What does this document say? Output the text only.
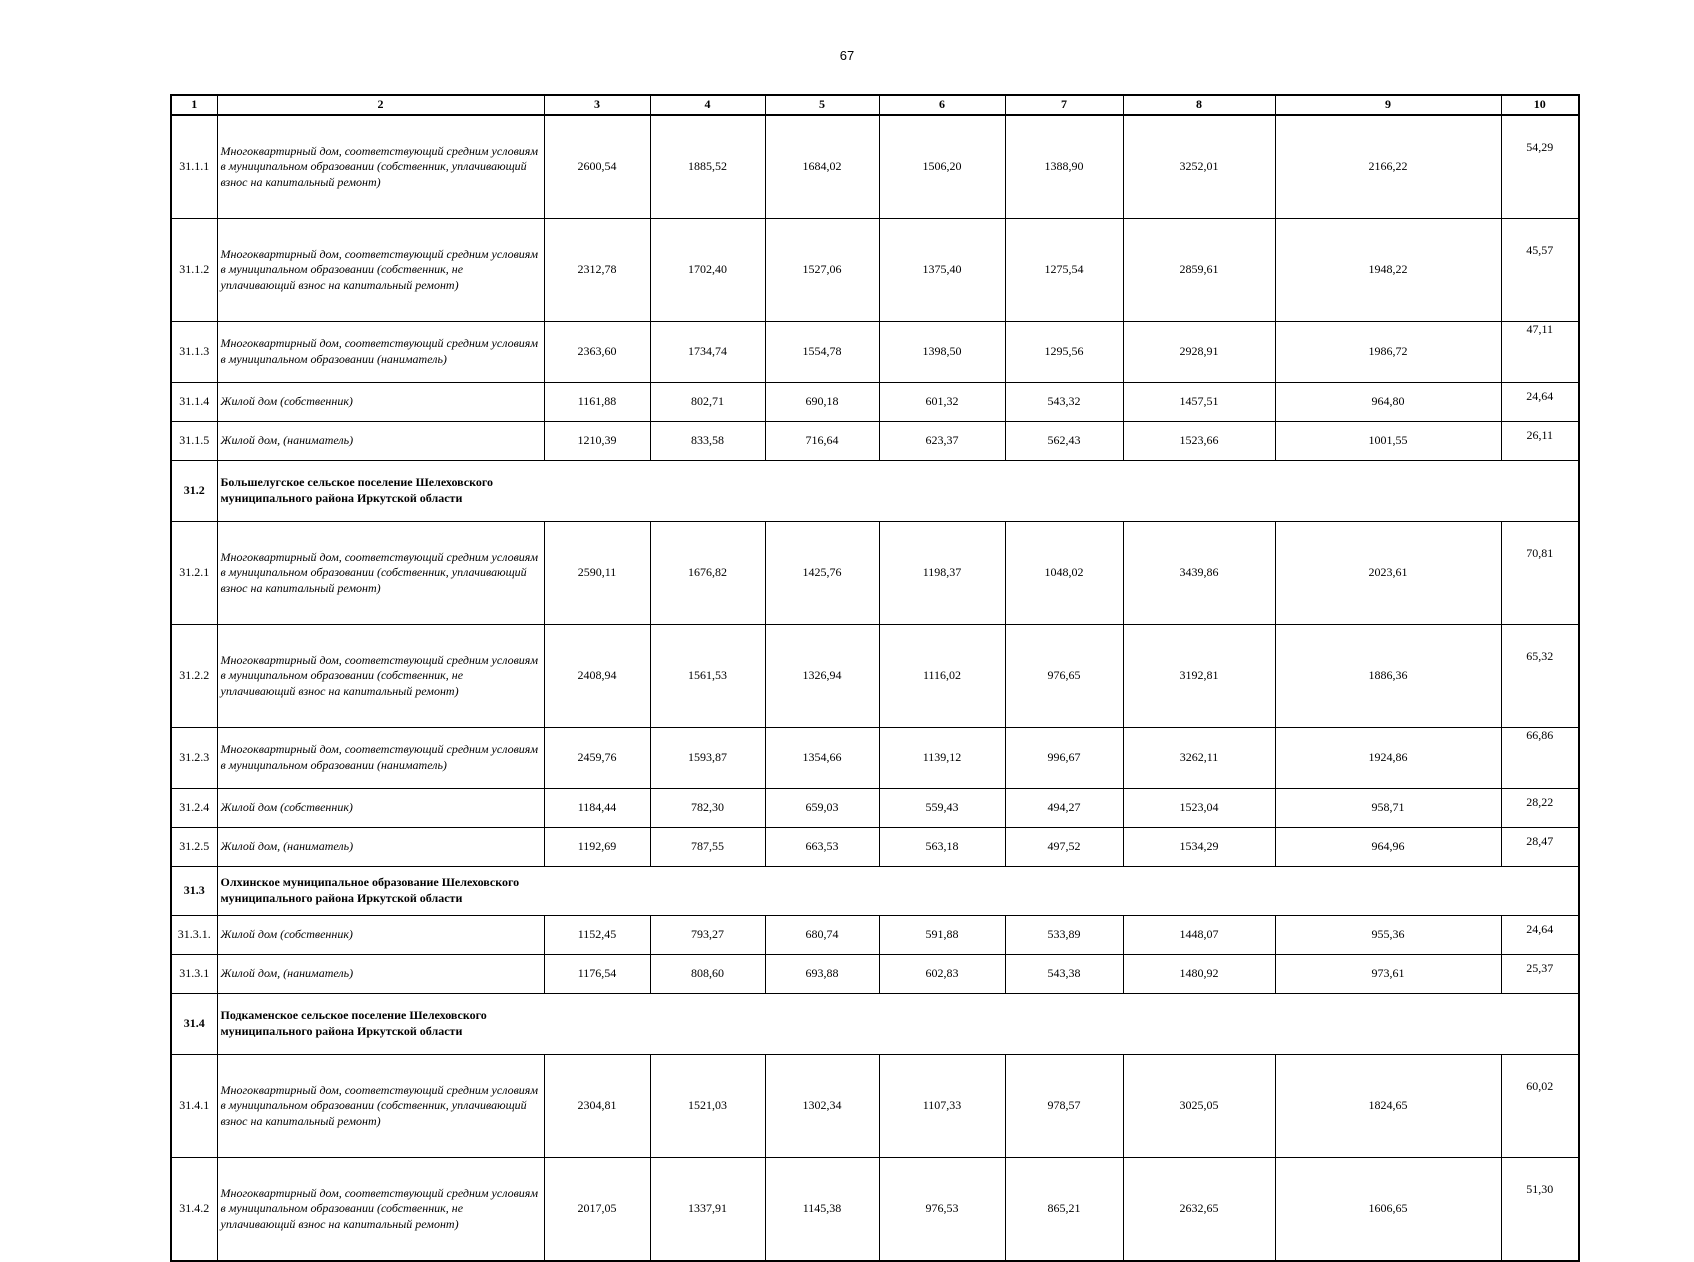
67
1	2	3	4	5	6	7	8	9	10
31.1.1	Многоквартирный дом, соответствующий средним условиям в муниципальном образовании (собственник, уплачивающий взнос на капитальный ремонт)	2600,54	1885,52	1684,02	1506,20	1388,90	3252,01	2166,22	54,29
31.1.2	Многоквартирный дом, соответствующий средним условиям в муниципальном образовании (собственник, не уплачивающий взнос на капитальный ремонт)	2312,78	1702,40	1527,06	1375,40	1275,54	2859,61	1948,22	45,57
31.1.3	Многоквартирный дом, соответствующий средним условиям в муниципальном образовании (наниматель)	2363,60	1734,74	1554,78	1398,50	1295,56	2928,91	1986,72	47,11
31.1.4	Жилой дом (собственник)	1161,88	802,71	690,18	601,32	543,32	1457,51	964,80	24,64
31.1.5	Жилой дом, (наниматель)	1210,39	833,58	716,64	623,37	562,43	1523,66	1001,55	26,11
31.2	Большелугское сельское поселение Шелеховского муниципального района Иркутской области								
31.2.1	Многоквартирный дом, соответствующий средним условиям в муниципальном образовании (собственник, уплачивающий взнос на капитальный ремонт)	2590,11	1676,82	1425,76	1198,37	1048,02	3439,86	2023,61	70,81
31.2.2	Многоквартирный дом, соответствующий средним условиям в муниципальном образовании (собственник, не уплачивающий взнос на капитальный ремонт)	2408,94	1561,53	1326,94	1116,02	976,65	3192,81	1886,36	65,32
31.2.3	Многоквартирный дом, соответствующий средним условиям в муниципальном образовании (наниматель)	2459,76	1593,87	1354,66	1139,12	996,67	3262,11	1924,86	66,86
31.2.4	Жилой дом (собственник)	1184,44	782,30	659,03	559,43	494,27	1523,04	958,71	28,22
31.2.5	Жилой дом, (наниматель)	1192,69	787,55	663,53	563,18	497,52	1534,29	964,96	28,47
31.3	Олхинское муниципальное образование Шелеховского муниципального района Иркутской области								
31.3.1.	Жилой дом (собственник)	1152,45	793,27	680,74	591,88	533,89	1448,07	955,36	24,64
31.3.1	Жилой дом, (наниматель)	1176,54	808,60	693,88	602,83	543,38	1480,92	973,61	25,37
31.4	Подкаменское сельское поселение Шелеховского муниципального района Иркутской области								
31.4.1	Многоквартирный дом, соответствующий средним условиям в муниципальном образовании (собственник, уплачивающий взнос на капитальный ремонт)	2304,81	1521,03	1302,34	1107,33	978,57	3025,05	1824,65	60,02
31.4.2	Многоквартирный дом, соответствующий средним условиям в муниципальном образовании (собственник, не уплачивающий взнос на капитальный ремонт)	2017,05	1337,91	1145,38	976,53	865,21	2632,65	1606,65	51,30
